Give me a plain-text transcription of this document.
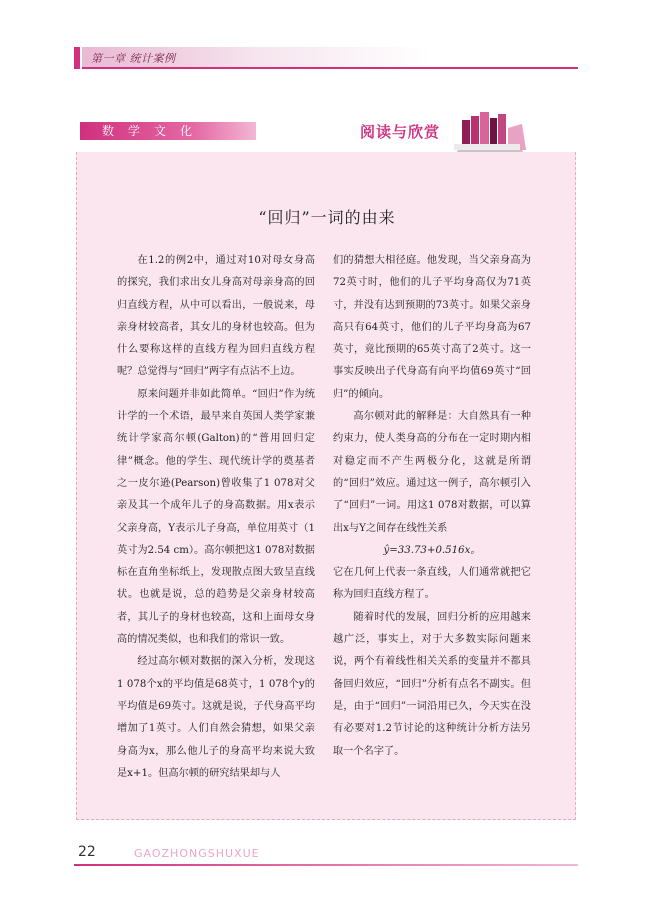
第一章 统计案例
数学文化	阅读与欣赏
“回归”一词的由来

在1.2的例2中，通过对10对母女身高的探究，我们求出女儿身高对母亲身高的回归直线方程，从中可以看出，一般说来，母亲身材较高者，其女儿的身材也较高。但为什么要称这样的直线方程为回归直线方程呢？总觉得与“回归”两字有点沾不上边。

原来问题并非如此简单。“回归”作为统计学的一个术语，最早来自英国人类学家兼统计学家高尔顿(Galton)的“普用回归定律”概念。他的学生、现代统计学的奠基者之一皮尔逊(Pearson)曾收集了1 078对父亲及其一个成年儿子的身高数据。用x表示父亲身高，Y表示儿子身高，单位用英寸（1英寸为2.54 cm）。高尔顿把这1 078对数据标在直角坐标纸上，发现散点图大致呈直线状。也就是说，总的趋势是父亲身材较高者，其儿子的身材也较高，这和上面母女身高的情况类似，也和我们的常识一致。

经过高尔顿对数据的深入分析，发现这1 078个x的平均值是68英寸，1 078个y的平均值是69英寸。这就是说，子代身高平均增加了1英寸。人们自然会猜想，如果父亲身高为x，那么他儿子的身高平均来说大致是x+1。但高尔顿的研究结果却与人

们的猜想大相径庭。他发现，当父亲身高为72英寸时，他们的儿子平均身高仅为71英寸，并没有达到预期的73英寸。如果父亲身高只有64英寸，他们的儿子平均身高为67英寸，竟比预期的65英寸高了2英寸。这一事实反映出子代身高有向平均值69英寸“回归”的倾向。

高尔顿对此的解释是：大自然具有一种约束力，使人类身高的分布在一定时期内相对稳定而不产生两极分化，这就是所谓的“回归”效应。通过这一例子，高尔顿引入了“回归”一词。用这1 078对数据，可以算出x与Y之间存在线性关系

ŷ=33.73+0.516x。

它在几何上代表一条直线，人们通常就把它称为回归直线方程了。

随着时代的发展，回归分析的应用越来越广泛，事实上，对于大多数实际问题来说，两个有着线性相关关系的变量并不都具备回归效应，“回归”分析有点名不副实。但是，由于“回归”一词沿用已久，今天实在没有必要对1.2节讨论的这种统计分析方法另取一个名字了。

22	GAOZHONGSHUXUE
